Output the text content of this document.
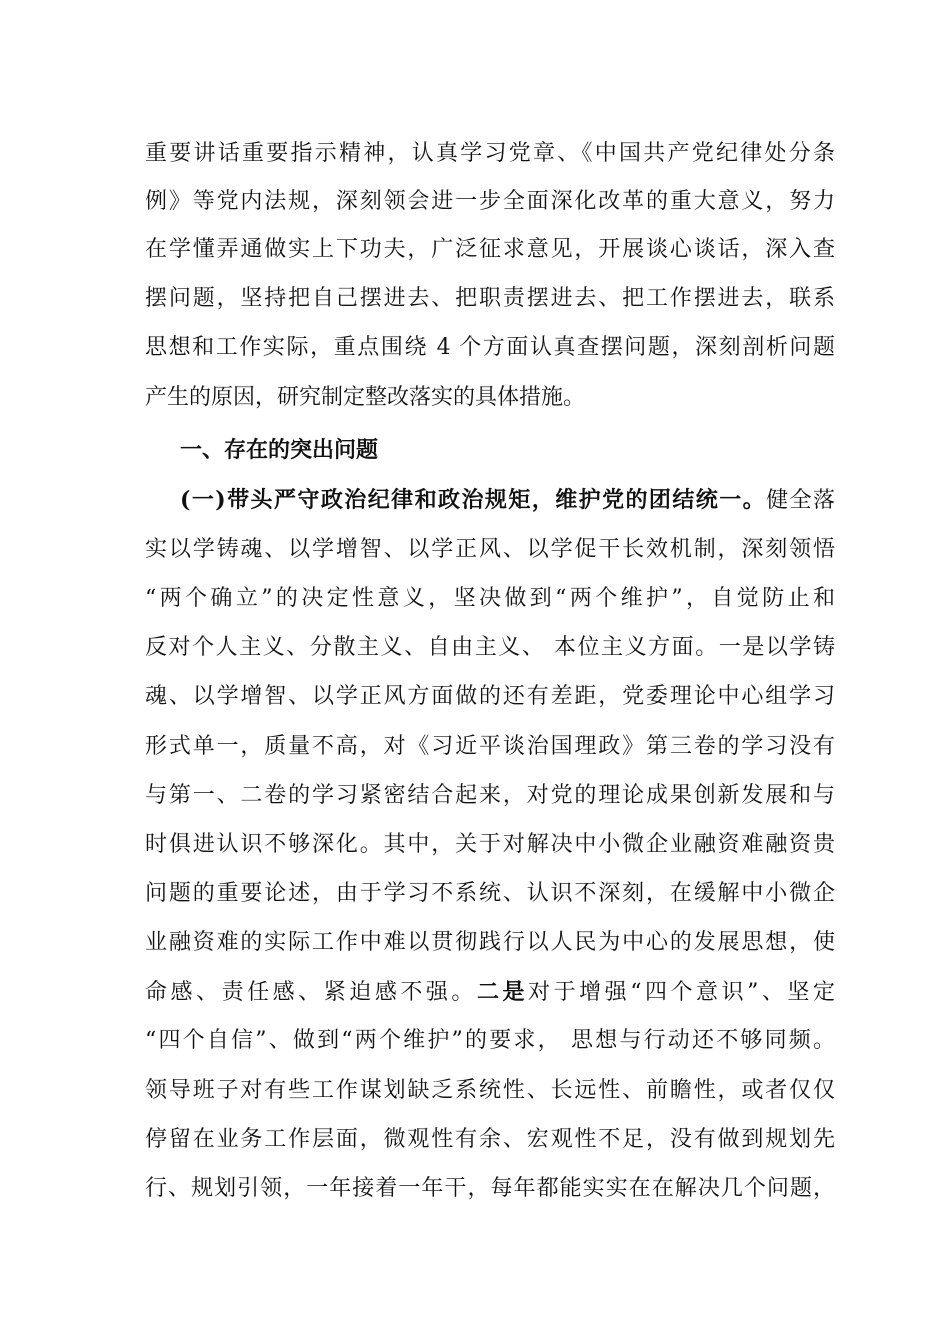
重要讲话重要指示精神，认真学习党章、《中国共产党纪律处分条
例》等党内法规，深刻领会进一步全面深化改革的重大意义，努力
在学懂弄通做实上下功夫，广泛征求意见，开展谈心谈话，深入查
摆问题，坚持把自己摆进去、把职责摆进去、把工作摆进去，联系
思想和工作实际，重点围绕 4 个方面认真查摆问题，深刻剖析问题
产生的原因，研究制定整改落实的具体措施。
一、存在的突出问题
(一)带头严守政治纪律和政治规矩，维护党的团结统一。健全落
实以学铸魂、以学增智、以学正风、以学促干长效机制，深刻领悟
“两个确立”的决定性意义，坚决做到“两个维护”，自觉防止和
反对个人主义、分散主义、自由主义、 本位主义方面。一是以学铸
魂、以学增智、以学正风方面做的还有差距，党委理论中心组学习
形式单一，质量不高，对《习近平谈治国理政》第三卷的学习没有
与第一、二卷的学习紧密结合起来，对党的理论成果创新发展和与
时俱进认识不够深化。其中，关于对解决中小微企业融资难融资贵
问题的重要论述，由于学习不系统、认识不深刻，在缓解中小微企
业融资难的实际工作中难以贯彻践行以人民为中心的发展思想，使
命感、责任感、紧迫感不强。二是对于增强“四个意识”、坚定
“四个自信”、做到“两个维护”的要求， 思想与行动还不够同频。
领导班子对有些工作谋划缺乏系统性、长远性、前瞻性，或者仅仅
停留在业务工作层面，微观性有余、宏观性不足，没有做到规划先
行、规划引领，一年接着一年干，每年都能实实在在解决几个问题，
